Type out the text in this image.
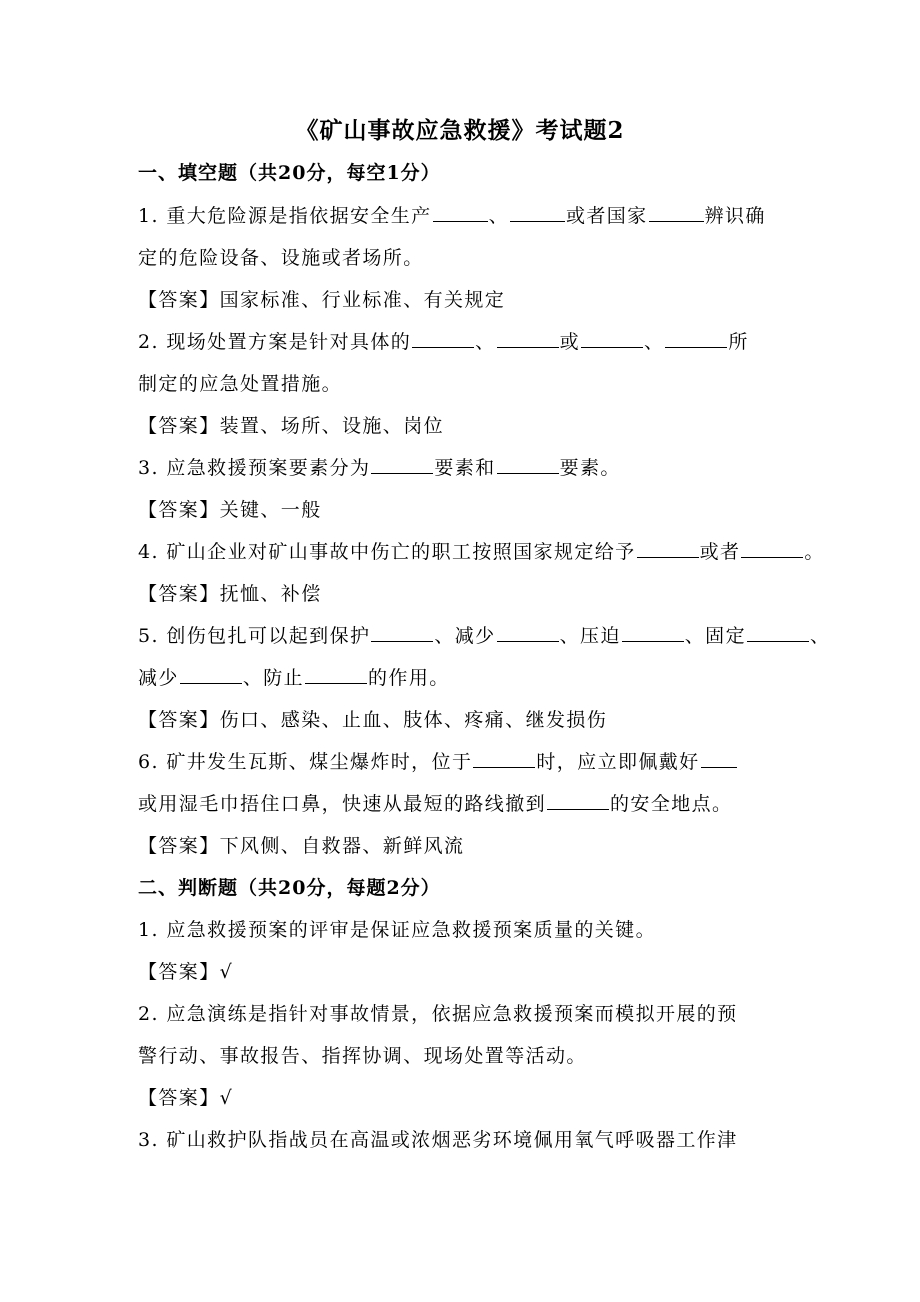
《矿山事故应急救援》考试题2
一、填空题（共20分，每空1分）
1. 重大危险源是指依据安全生产	、	或者国家	辨识确
定的危险设备、设施或者场所。
【答案】国家标准、行业标准、有关规定
2. 现场处置方案是针对具体的	、	或	、	所
制定的应急处置措施。
【答案】装置、场所、设施、岗位
3. 应急救援预案要素分为	要素和	要素。
【答案】关键、一般
4. 矿山企业对矿山事故中伤亡的职工按照国家规定给予	或者	。
【答案】抚恤、补偿
5. 创伤包扎可以起到保护	、减少	、压迫	、固定	、
减少	、防止	的作用。
【答案】伤口、感染、止血、肢体、疼痛、继发损伤
6. 矿井发生瓦斯、煤尘爆炸时，位于	时，应立即佩戴好
或用湿毛巾捂住口鼻，快速从最短的路线撤到	的安全地点。
【答案】下风侧、自救器、新鲜风流
二、判断题（共20分，每题2分）
1. 应急救援预案的评审是保证应急救援预案质量的关键。
【答案】√
2. 应急演练是指针对事故情景，依据应急救援预案而模拟开展的预
警行动、事故报告、指挥协调、现场处置等活动。
【答案】√
3. 矿山救护队指战员在高温或浓烟恶劣环境佩用氧气呼吸器工作津
